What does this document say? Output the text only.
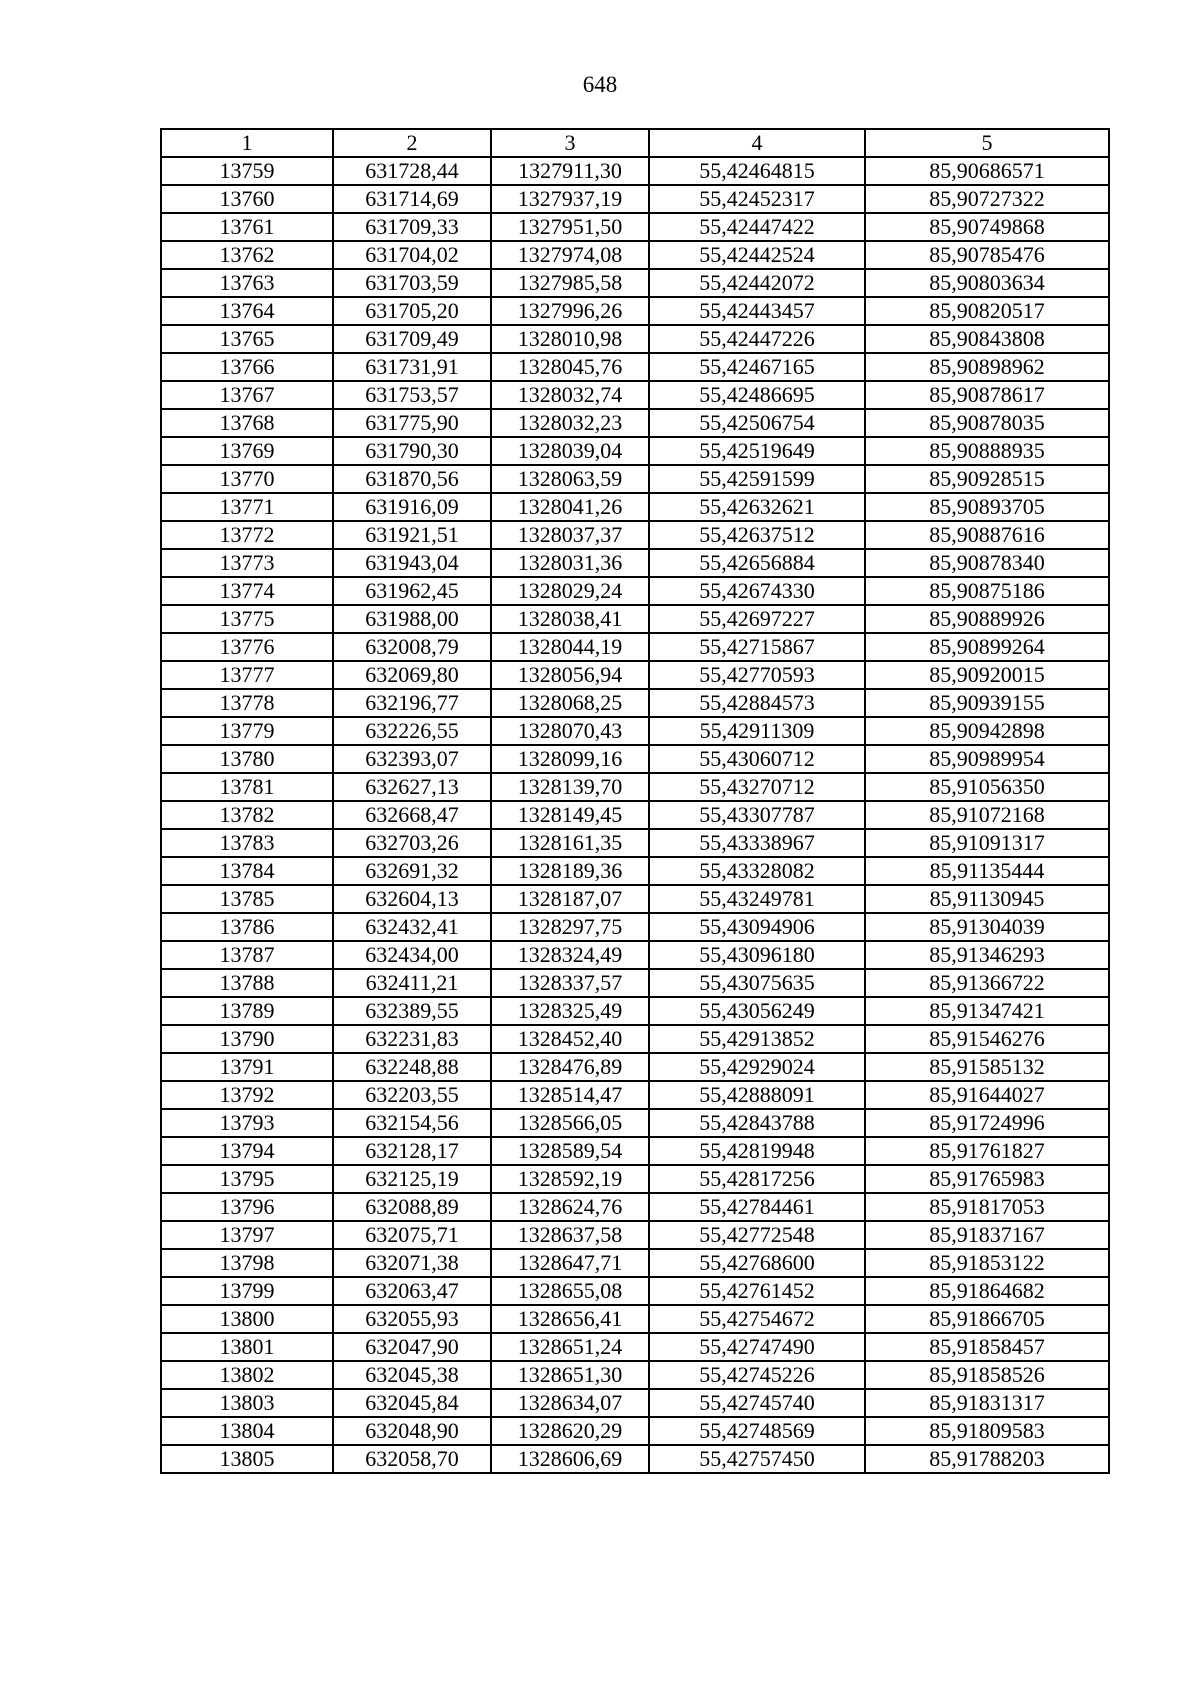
648
1	2	3	4	5
13759	631728,44	1327911,30	55,42464815	85,90686571
13760	631714,69	1327937,19	55,42452317	85,90727322
13761	631709,33	1327951,50	55,42447422	85,90749868
13762	631704,02	1327974,08	55,42442524	85,90785476
13763	631703,59	1327985,58	55,42442072	85,90803634
13764	631705,20	1327996,26	55,42443457	85,90820517
13765	631709,49	1328010,98	55,42447226	85,90843808
13766	631731,91	1328045,76	55,42467165	85,90898962
13767	631753,57	1328032,74	55,42486695	85,90878617
13768	631775,90	1328032,23	55,42506754	85,90878035
13769	631790,30	1328039,04	55,42519649	85,90888935
13770	631870,56	1328063,59	55,42591599	85,90928515
13771	631916,09	1328041,26	55,42632621	85,90893705
13772	631921,51	1328037,37	55,42637512	85,90887616
13773	631943,04	1328031,36	55,42656884	85,90878340
13774	631962,45	1328029,24	55,42674330	85,90875186
13775	631988,00	1328038,41	55,42697227	85,90889926
13776	632008,79	1328044,19	55,42715867	85,90899264
13777	632069,80	1328056,94	55,42770593	85,90920015
13778	632196,77	1328068,25	55,42884573	85,90939155
13779	632226,55	1328070,43	55,42911309	85,90942898
13780	632393,07	1328099,16	55,43060712	85,90989954
13781	632627,13	1328139,70	55,43270712	85,91056350
13782	632668,47	1328149,45	55,43307787	85,91072168
13783	632703,26	1328161,35	55,43338967	85,91091317
13784	632691,32	1328189,36	55,43328082	85,91135444
13785	632604,13	1328187,07	55,43249781	85,91130945
13786	632432,41	1328297,75	55,43094906	85,91304039
13787	632434,00	1328324,49	55,43096180	85,91346293
13788	632411,21	1328337,57	55,43075635	85,91366722
13789	632389,55	1328325,49	55,43056249	85,91347421
13790	632231,83	1328452,40	55,42913852	85,91546276
13791	632248,88	1328476,89	55,42929024	85,91585132
13792	632203,55	1328514,47	55,42888091	85,91644027
13793	632154,56	1328566,05	55,42843788	85,91724996
13794	632128,17	1328589,54	55,42819948	85,91761827
13795	632125,19	1328592,19	55,42817256	85,91765983
13796	632088,89	1328624,76	55,42784461	85,91817053
13797	632075,71	1328637,58	55,42772548	85,91837167
13798	632071,38	1328647,71	55,42768600	85,91853122
13799	632063,47	1328655,08	55,42761452	85,91864682
13800	632055,93	1328656,41	55,42754672	85,91866705
13801	632047,90	1328651,24	55,42747490	85,91858457
13802	632045,38	1328651,30	55,42745226	85,91858526
13803	632045,84	1328634,07	55,42745740	85,91831317
13804	632048,90	1328620,29	55,42748569	85,91809583
13805	632058,70	1328606,69	55,42757450	85,91788203
